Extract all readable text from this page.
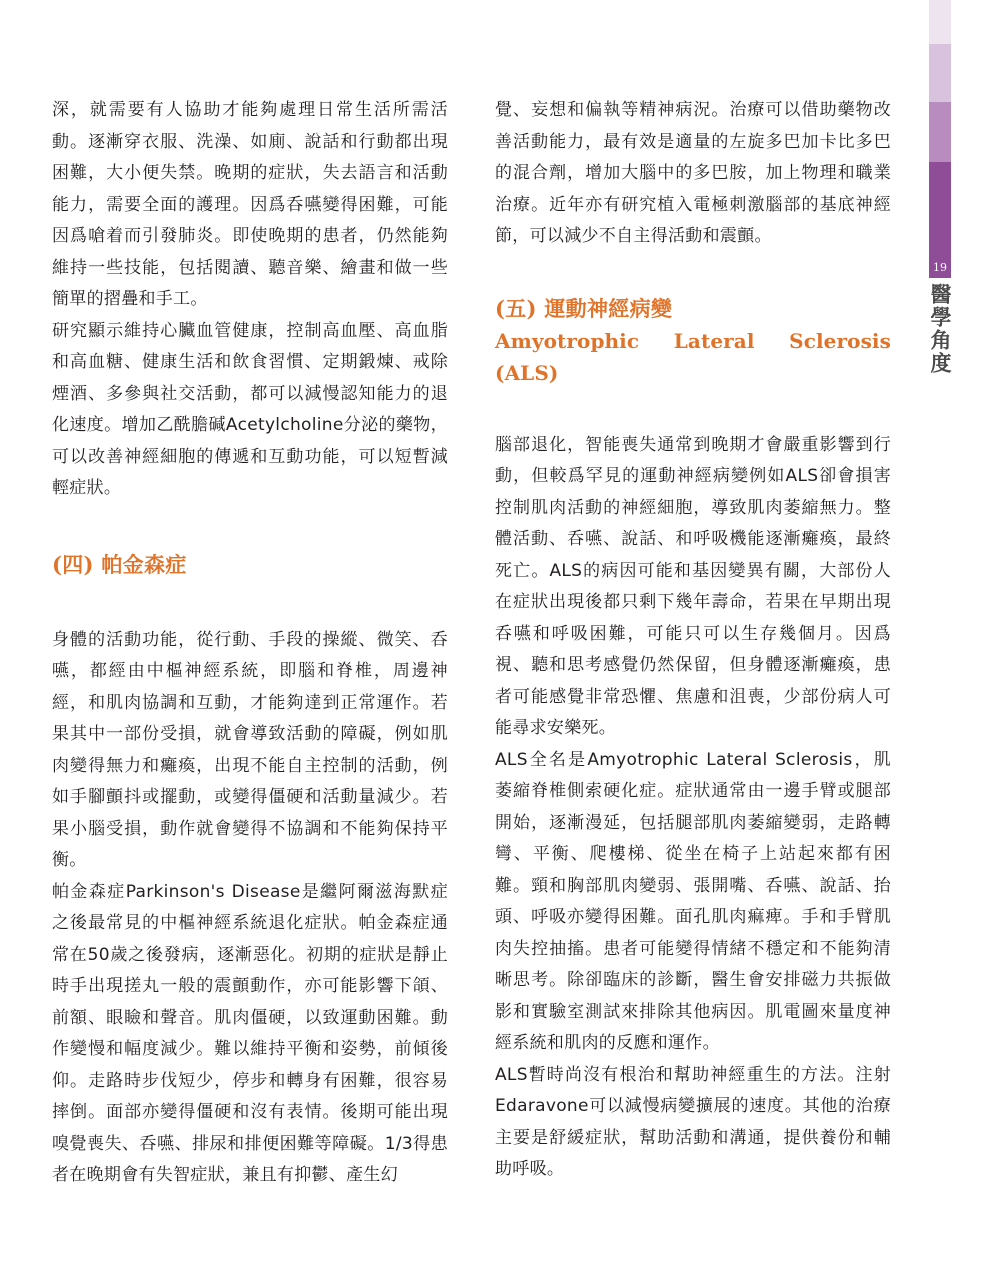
深，就需要有人協助才能夠處理日常生活所需活動。逐漸穿衣服、洗澡、如廁、說話和行動都出現困難，大小便失禁。晚期的症狀，失去語言和活動能力，需要全面的護理。因爲呑嚥變得困難，可能因爲嗆着而引發肺炎。即使晚期的患者，仍然能夠維持一些技能，包括閱讀、聽音樂、繪畫和做一些簡單的摺疊和手工。

研究顯示維持心臟血管健康，控制高血壓、高血脂和高血糖、健康生活和飲食習慣、定期鍛煉、戒除煙酒、多參與社交活動，都可以減慢認知能力的退化速度。增加乙酰膽碱Acetylcholine分泌的藥物，可以改善神經細胞的傳遞和互動功能，可以短暫減輕症狀。

(四) 帕金森症

身體的活動功能，從行動、手段的操縱、微笑、呑嚥，都經由中樞神經系統，即腦和脊椎，周邊神經，和肌肉協調和互動，才能夠達到正常運作。若果其中一部份受損，就會導致活動的障礙，例如肌肉變得無力和癱瘓，出現不能自主控制的活動，例如手腳顫抖或擺動，或變得僵硬和活動量減少。若果小腦受損，動作就會變得不協調和不能夠保持平衡。

帕金森症Parkinson's Disease是繼阿爾滋海默症之後最常見的中樞神經系統退化症狀。帕金森症通常在50歲之後發病，逐漸惡化。初期的症狀是靜止時手出現搓丸一般的震顫動作，亦可能影響下頜、前額、眼瞼和聲音。肌肉僵硬，以致運動困難。動作變慢和幅度減少。難以維持平衡和姿勢，前傾後仰。走路時步伐短少，停步和轉身有困難，很容易摔倒。面部亦變得僵硬和沒有表情。後期可能出現嗅覺喪失、呑嚥、排尿和排便困難等障礙。1/3得患者在晚期會有失智症狀，兼且有抑鬱、產生幻

覺、妄想和偏執等精神病況。治療可以借助藥物改善活動能力，最有效是適量的左旋多巴加卡比多巴的混合劑，增加大腦中的多巴胺，加上物理和職業治療。近年亦有研究植入電極刺激腦部的基底神經節，可以減少不自主得活動和震顫。

(五) 運動神經病變
Amyotrophic Lateral Sclerosis (ALS)

腦部退化，智能喪失通常到晚期才會嚴重影響到行動，但較爲罕見的運動神經病變例如ALS卻會損害控制肌肉活動的神經細胞，導致肌肉萎縮無力。整體活動、呑嚥、說話、和呼吸機能逐漸癱瘓，最終死亡。ALS的病因可能和基因變異有關，大部份人在症狀出現後都只剩下幾年壽命，若果在早期出現呑嚥和呼吸困難，可能只可以生存幾個月。因爲視、聽和思考感覺仍然保留，但身體逐漸癱瘓，患者可能感覺非常恐懼、焦慮和沮喪，少部份病人可能尋求安樂死。

ALS全名是Amyotrophic Lateral Sclerosis，肌萎縮脊椎側索硬化症。症狀通常由一邊手臂或腿部開始，逐漸漫延，包括腿部肌肉萎縮變弱，走路轉彎、平衡、爬樓梯、從坐在椅子上站起來都有困難。頸和胸部肌肉變弱、張開嘴、呑嚥、說話、抬頭、呼吸亦變得困難。面孔肌肉痲痺。手和手臂肌肉失控抽搐。患者可能變得情緒不穩定和不能夠清晰思考。除卻臨床的診斷，醫生會安排磁力共振做影和實驗室測試來排除其他病因。肌電圖來量度神經系統和肌肉的反應和運作。

ALS暫時尚沒有根治和幫助神經重生的方法。注射Edaravone可以減慢病變擴展的速度。其他的治療主要是舒緩症狀，幫助活動和溝通，提供養份和輔助呼吸。

19
醫學角度
